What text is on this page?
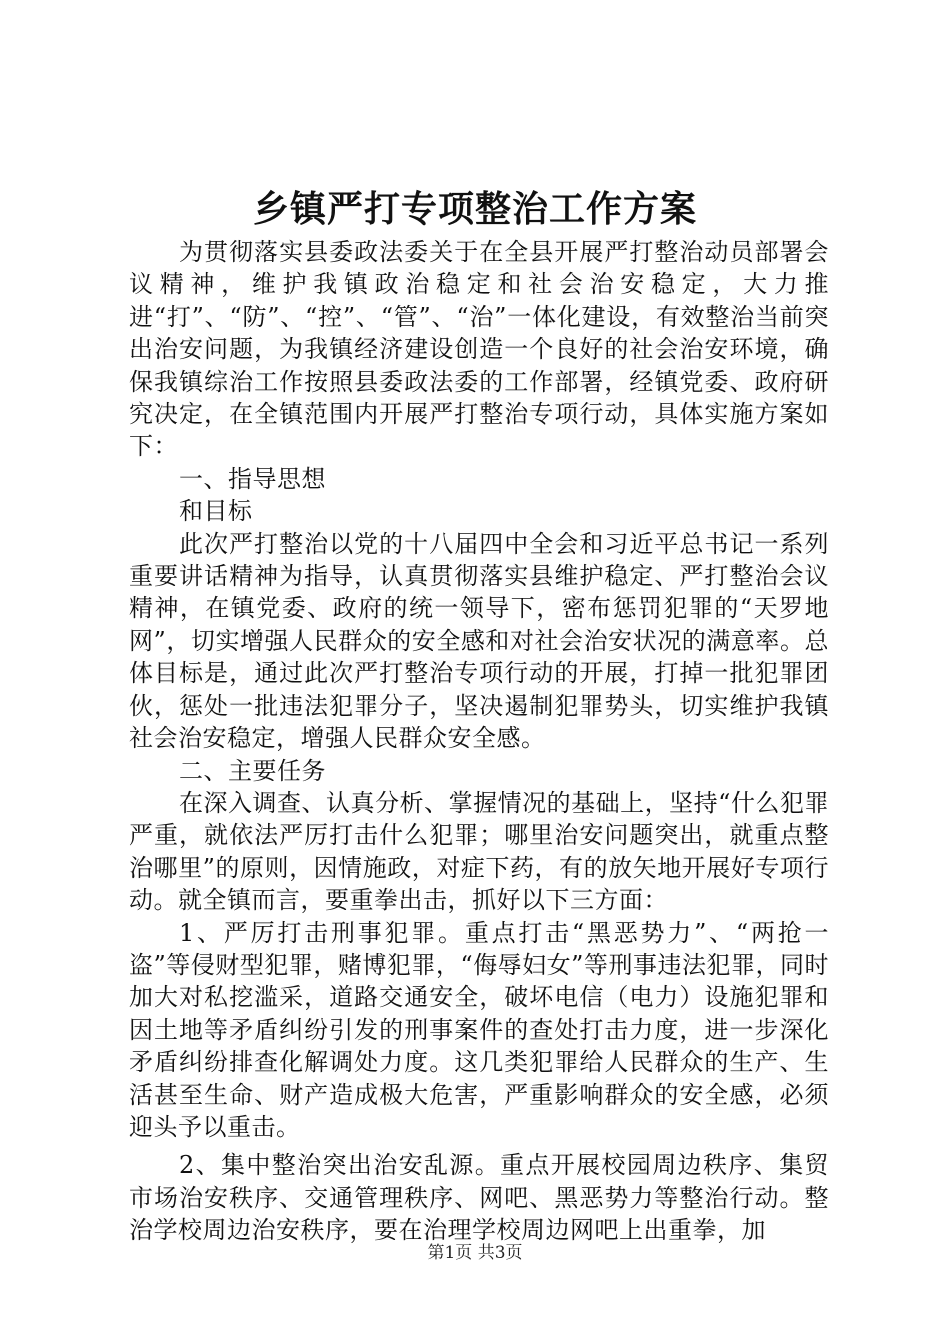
乡镇严打专项整治工作方案

为贯彻落实县委政法委关于在全县开展严打整治动员部署会议精神，维护我镇政治稳定和社会治安稳定，大力推进“打”、“防”、“控”、“管”、“治”一体化建设，有效整治当前突出治安问题，为我镇经济建设创造一个良好的社会治安环境，确保我镇综治工作按照县委政法委的工作部署，经镇党委、政府研究决定，在全镇范围内开展严打整治专项行动，具体实施方案如下：

一、指导思想

和目标

此次严打整治以党的十八届四中全会和习近平总书记一系列重要讲话精神为指导，认真贯彻落实县维护稳定、严打整治会议精神，在镇党委、政府的统一领导下，密布惩罚犯罪的“天罗地网”，切实增强人民群众的安全感和对社会治安状况的满意率。总体目标是，通过此次严打整治专项行动的开展，打掉一批犯罪团伙，惩处一批违法犯罪分子，坚决遏制犯罪势头，切实维护我镇社会治安稳定，增强人民群众安全感。

二、主要任务

在深入调查、认真分析、掌握情况的基础上，坚持“什么犯罪严重，就依法严厉打击什么犯罪；哪里治安问题突出，就重点整治哪里”的原则，因情施政，对症下药，有的放矢地开展好专项行动。就全镇而言，要重拳出击，抓好以下三方面：

1、严厉打击刑事犯罪。重点打击“黑恶势力”、“两抢一盗”等侵财型犯罪，赌博犯罪，“侮辱妇女”等刑事违法犯罪，同时加大对私挖滥采，道路交通安全，破坏电信（电力）设施犯罪和因土地等矛盾纠纷引发的刑事案件的查处打击力度，进一步深化矛盾纠纷排查化解调处力度。这几类犯罪给人民群众的生产、生活甚至生命、财产造成极大危害，严重影响群众的安全感，必须迎头予以重击。

2、集中整治突出治安乱源。重点开展校园周边秩序、集贸市场治安秩序、交通管理秩序、网吧、黑恶势力等整治行动。整治学校周边治安秩序，要在治理学校周边网吧上出重拳，加

第1页 共3页
